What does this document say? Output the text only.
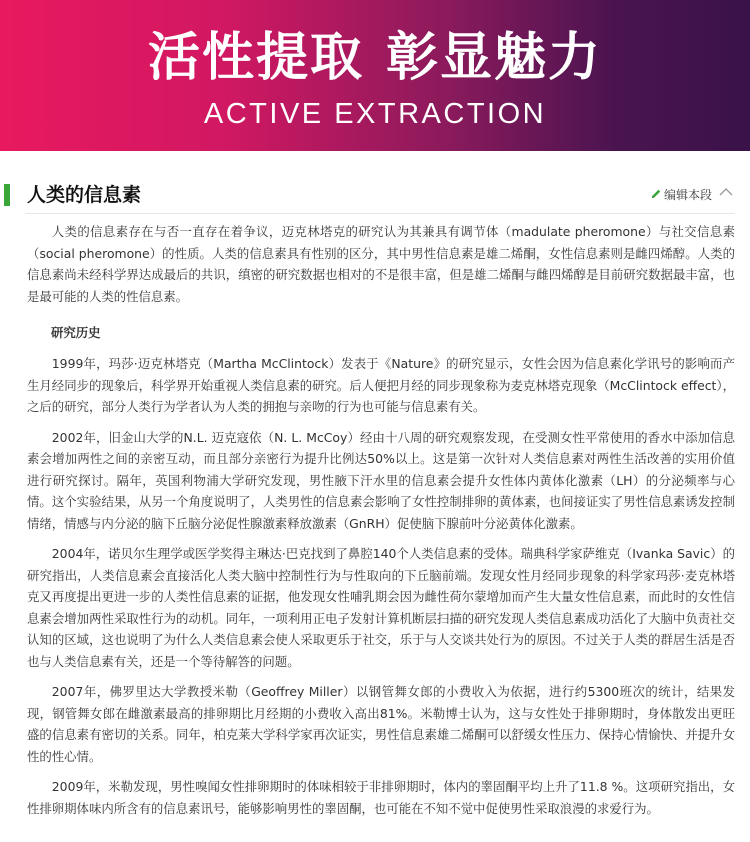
活性提取 彰显魅力
ACTIVE EXTRACTION
人类的信息素	编辑本段

人类的信息素存在与否一直存在着争议，迈克林塔克的研究认为其兼具有调节体（madulate pheromone）与社交信息素（social pheromone）的性质。人类的信息素具有性别的区分，其中男性信息素是雄二烯酮，女性信息素则是雌四烯醇。人类的信息素尚未经科学界达成最后的共识，缜密的研究数据也相对的不是很丰富，但是雄二烯酮与雌四烯醇是目前研究数据最丰富，也是最可能的人类的性信息素。

研究历史

1999年，玛莎·迈克林塔克（Martha McClintock）发表于《Nature》的研究显示，女性会因为信息素化学讯号的影响而产生月经同步的现象后，科学界开始重视人类信息素的研究。后人便把月经的同步现象称为麦克林塔克现象（McClintock effect），之后的研究，部分人类行为学者认为人类的拥抱与亲吻的行为也可能与信息素有关。

2002年，旧金山大学的N.L. 迈克寇依（N. L. McCoy）经由十八周的研究观察发现，在受测女性平常使用的香水中添加信息素会增加两性之间的亲密互动，而且部分亲密行为提升比例达50%以上。这是第一次针对人类信息素对两性生活改善的实用价值进行研究探讨。隔年，英国利物浦大学研究发现，男性腋下汗水里的信息素会提升女性体内黄体化激素（LH）的分泌频率与心情。这个实验结果，从另一个角度说明了，人类男性的信息素会影响了女性控制排卵的黄体素，也间接证实了男性信息素诱发控制情绪，情感与内分泌的脑下丘脑分泌促性腺激素释放激素（GnRH）促使脑下腺前叶分泌黄体化激素。

2004年，诺贝尔生理学或医学奖得主琳达·巴克找到了鼻腔140个人类信息素的受体。瑞典科学家萨维克（Ivanka Savic）的研究指出，人类信息素会直接活化人类大脑中控制性行为与性取向的下丘脑前端。发现女性月经同步现象的科学家玛莎·麦克林塔克又再度提出更进一步的人类性信息素的证据，他发现女性哺乳期会因为雌性荷尔蒙增加而产生大量女性信息素，而此时的女性信息素会增加两性采取性行为的动机。同年，一项利用正电子发射计算机断层扫描的研究发现人类信息素成功活化了大脑中负责社交认知的区域，这也说明了为什么人类信息素会使人采取更乐于社交，乐于与人交谈共处行为的原因。不过关于人类的群居生活是否也与人类信息素有关，还是一个等待解答的问题。

2007年，佛罗里达大学教授米勒（Geoffrey Miller）以钢管舞女郎的小费收入为依据，进行约5300班次的统计，结果发现，钢管舞女郎在雌激素最高的排卵期比月经期的小费收入高出81%。米勒博士认为，这与女性处于排卵期时，身体散发出更旺盛的信息素有密切的关系。同年，柏克莱大学科学家再次证实，男性信息素雄二烯酮可以舒缓女性压力、保持心情愉快、并提升女性的性心情。

2009年，米勒发现，男性嗅闻女性排卵期时的体味相较于非排卵期时，体内的睾固酮平均上升了11.8 %。这项研究指出，女性排卵期体味内所含有的信息素讯号，能够影响男性的睾固酮，也可能在不知不觉中促使男性采取浪漫的求爱行为。
